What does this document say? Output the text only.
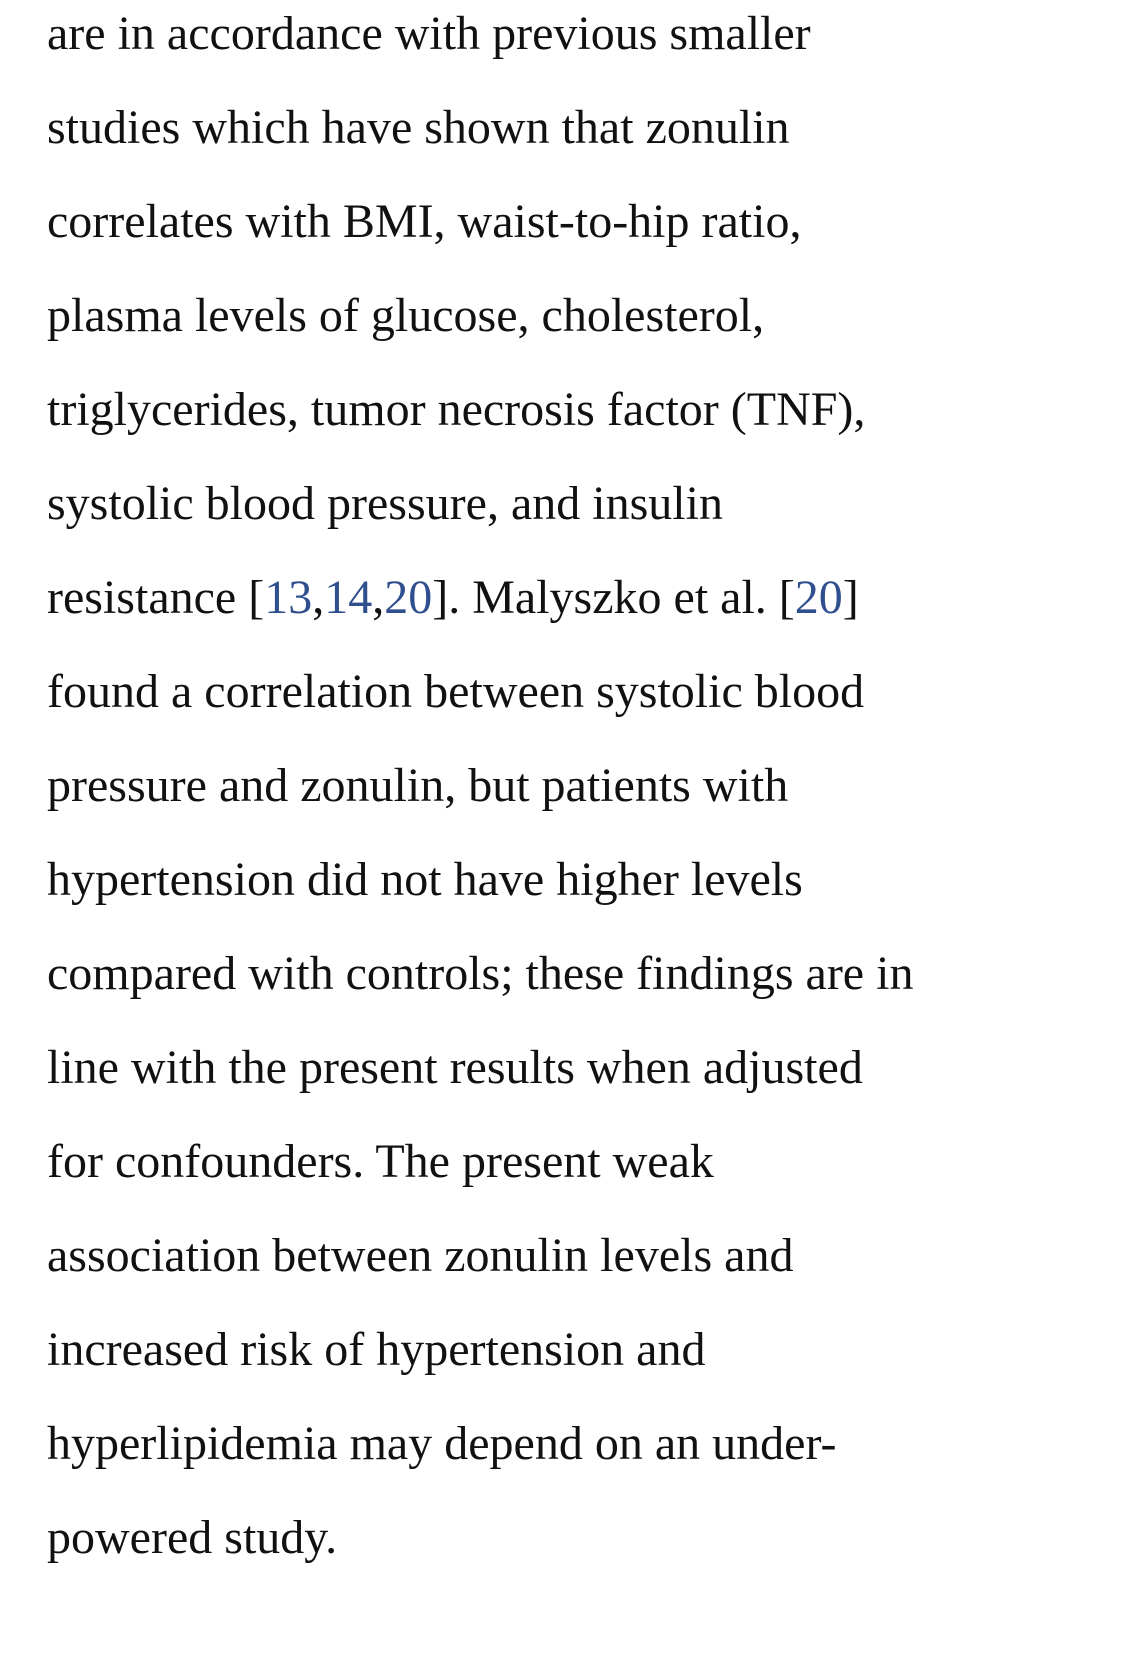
are in accordance with previous smaller
studies which have shown that zonulin
correlates with BMI, waist-to-hip ratio,
plasma levels of glucose, cholesterol,
triglycerides, tumor necrosis factor (TNF),
systolic blood pressure, and insulin
resistance [13,14,20]. Malyszko et al. [20]
found a correlation between systolic blood
pressure and zonulin, but patients with
hypertension did not have higher levels
compared with controls; these findings are in
line with the present results when adjusted
for confounders. The present weak
association between zonulin levels and
increased risk of hypertension and
hyperlipidemia may depend on an under-
powered study.
